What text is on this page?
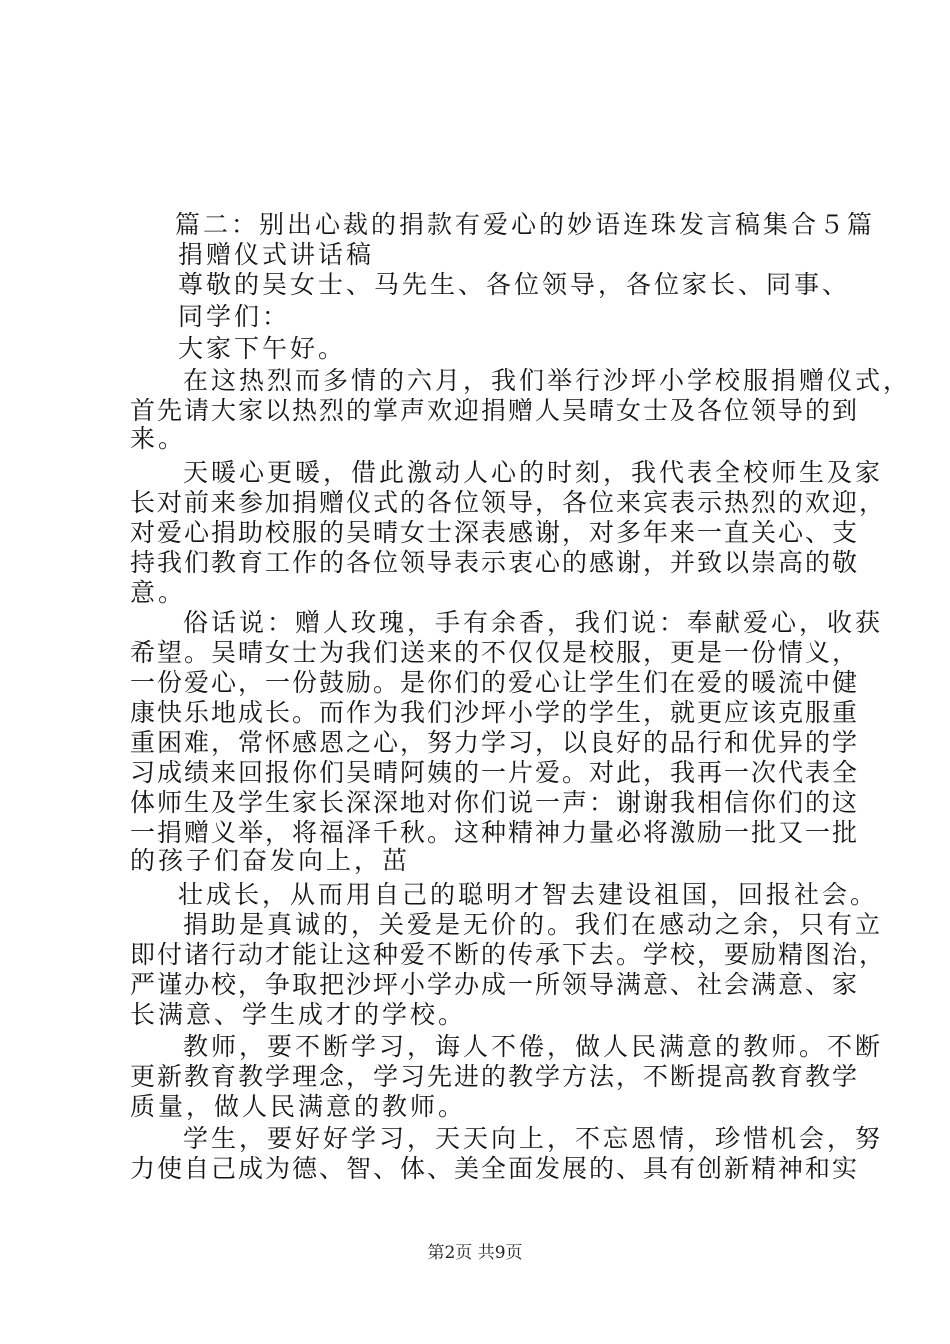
篇二：别出心裁的捐款有爱心的妙语连珠发言稿集合５篇
捐赠仪式讲话稿
尊敬的吴女士、马先生、各位领导，各位家长、同事、
同学们：
大家下午好。
在这热烈而多情的六月，我们举行沙坪小学校服捐赠仪式，
首先请大家以热烈的掌声欢迎捐赠人吴晴女士及各位领导的到
来。
天暖心更暖，借此激动人心的时刻，我代表全校师生及家
长对前来参加捐赠仪式的各位领导，各位来宾表示热烈的欢迎，
对爱心捐助校服的吴晴女士深表感谢，对多年来一直关心、支
持我们教育工作的各位领导表示衷心的感谢，并致以崇高的敬
意。
俗话说：赠人玫瑰，手有余香，我们说：奉献爱心，收获
希望。吴晴女士为我们送来的不仅仅是校服，更是一份情义，
一份爱心，一份鼓励。是你们的爱心让学生们在爱的暖流中健
康快乐地成长。而作为我们沙坪小学的学生，就更应该克服重
重困难，常怀感恩之心，努力学习，以良好的品行和优异的学
习成绩来回报你们吴晴阿姨的一片爱。对此，我再一次代表全
体师生及学生家长深深地对你们说一声：谢谢我相信你们的这
一捐赠义举，将福泽千秋。这种精神力量必将激励一批又一批
的孩子们奋发向上，茁
壮成长，从而用自己的聪明才智去建设祖国，回报社会。
捐助是真诚的，关爱是无价的。我们在感动之余，只有立
即付诸行动才能让这种爱不断的传承下去。学校，要励精图治，
严谨办校，争取把沙坪小学办成一所领导满意、社会满意、家
长满意、学生成才的学校。
教师，要不断学习，诲人不倦，做人民满意的教师。不断
更新教育教学理念，学习先进的教学方法，不断提高教育教学
质量，做人民满意的教师。
学生，要好好学习，天天向上，不忘恩情，珍惜机会，努
力使自己成为德、智、体、美全面发展的、具有创新精神和实
第2页 共9页
